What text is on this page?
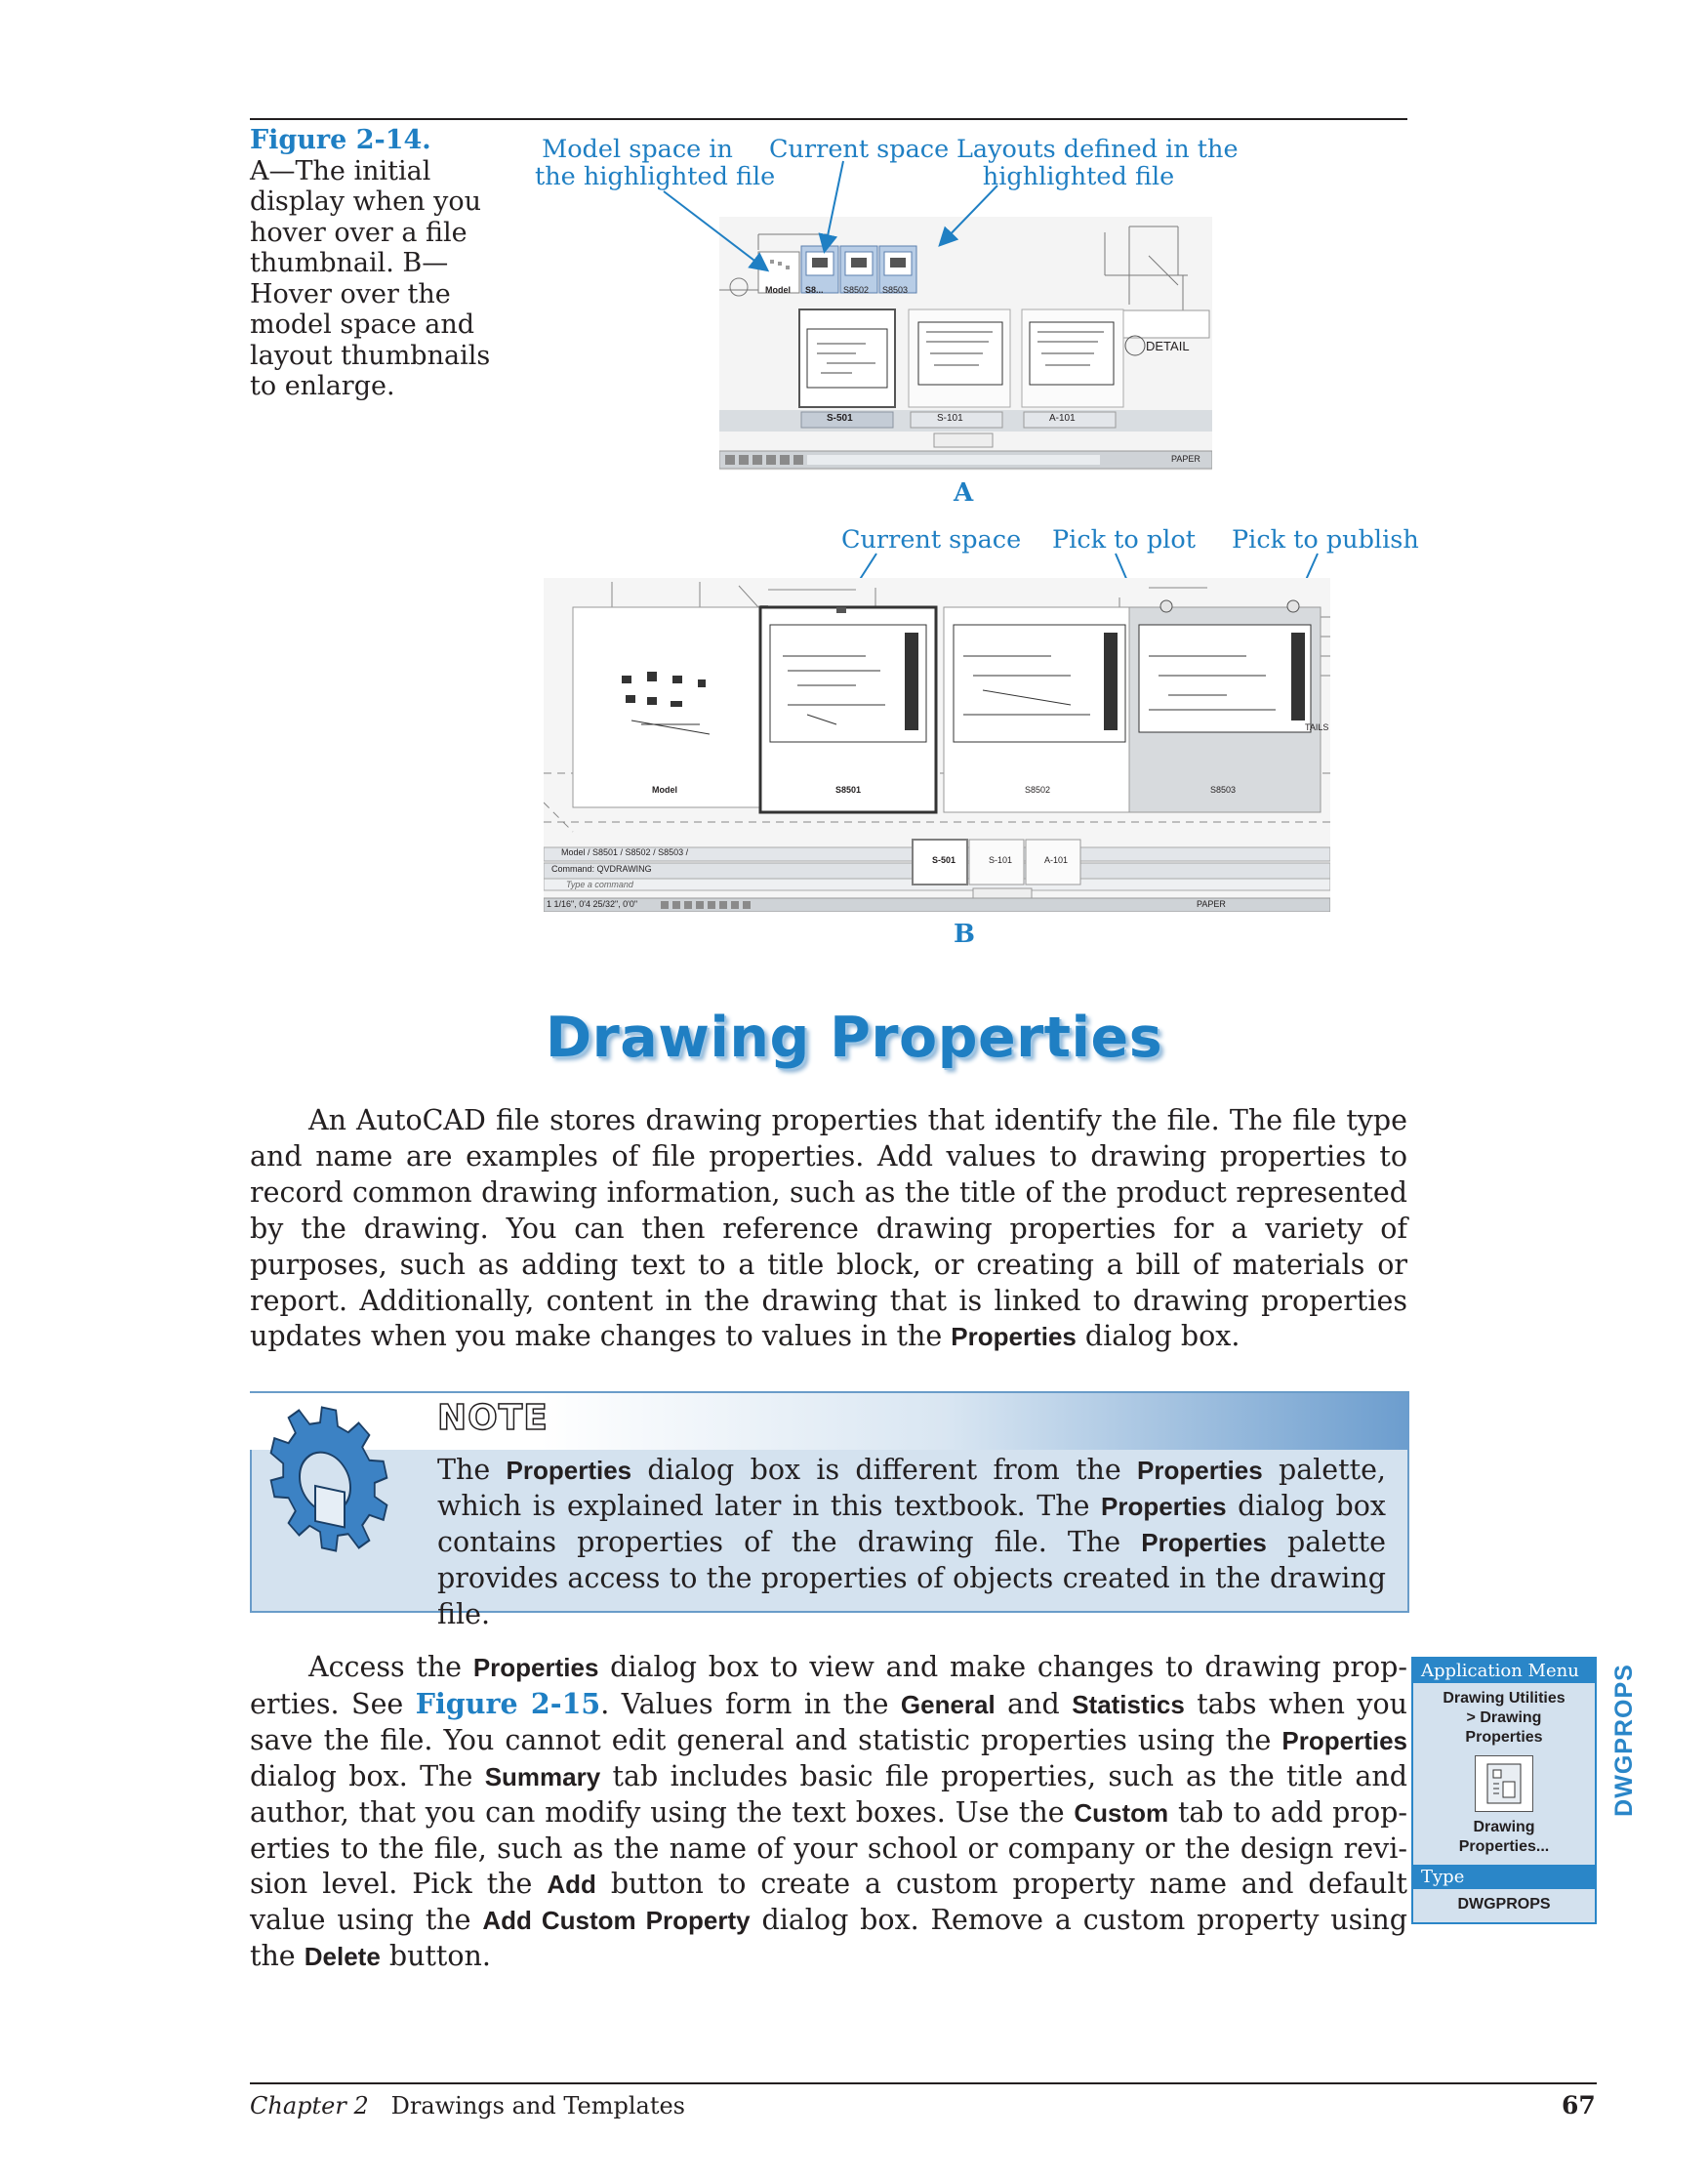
Figure 2-14.
A—The initial display when you hover over a file thumbnail. B—Hover over the model space and layout thumbnails to enlarge.
Model space in
the highlighted file
Current space Layouts defined in the
highlighted file
Model S8... S8502 S8503
S-501	S-101	A-101
DETAIL
PAPER
A
Current space Pick to plot Pick to publish
Model	S8501	S8502	S8503
TAILS
Model / S8501 / S8502 / S8503 /
Command: QVDRAWING
Type a command
1 1/16", 0'4 25/32", 0'0"	PAPER
S-501	S-101	A-101
B
Drawing Properties
An AutoCAD file stores drawing properties that identify the file. The file type and name are examples of file properties. Add values to drawing properties to record common drawing information, such as the title of the product represented by the drawing. You can then reference drawing properties for a variety of purposes, such as adding text to a title block, or creating a bill of materials or report. Additionally, content in the drawing that is linked to drawing properties updates when you make changes to values in the Properties dialog box.
NOTE
The Properties dialog box is different from the Properties palette, which is explained later in this textbook. The Properties dialog box contains properties of the drawing file. The Properties palette provides access to the properties of objects created in the drawing file.
Access the Properties dialog box to view and make changes to drawing prop-erties. See Figure 2-15. Values form in the General and Statistics tabs when you save the file. You cannot edit general and statistic properties using the Properties dialog box. The Summary tab includes basic file properties, such as the title and author, that you can modify using the text boxes. Use the Custom tab to add prop-erties to the file, such as the name of your school or company or the design revi-sion level. Pick the Add button to create a custom property name and default value using the Add Custom Property dialog box. Remove a custom property using the Delete button.
Application Menu
Drawing Utilities
> Drawing
Properties
Drawing
Properties...
Type
DWGPROPS
DWGPROPS
Chapter 2 Drawings and Templates	67
